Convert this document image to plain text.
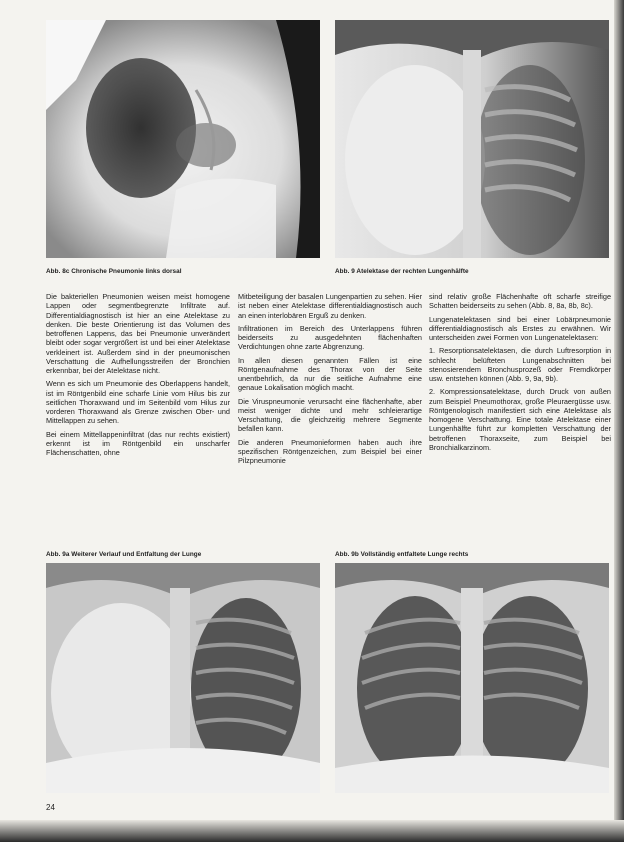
Abb. 8c Chronische Pneumonie links dorsal	Abb. 9 Atelektase der rechten Lungenhälfte

Die bakteriellen Pneumonien weisen meist homogene Lappen oder segmentbegrenzte Infiltrate auf. Differentialdiagnostisch ist hier an eine Atelektase zu denken. Die beste Orientierung ist das Volumen des betroffenen Lappens, das bei Pneumonie unverändert bleibt oder sogar vergrößert ist und bei einer Atelektase verkleinert ist. Außerdem sind in der pneumonischen Verschattung die Aufhellungsstreifen der Bronchien erkennbar, bei der Atelektase nicht.

Wenn es sich um Pneumonie des Oberlappens handelt, ist im Röntgenbild eine scharfe Linie vom Hilus bis zur seitlichen Thoraxwand und im Seitenbild vom Hilus zur vorderen Thoraxwand als Grenze zwischen Ober- und Mittellappen zu sehen.

Bei einem Mittellappeninfiltrat (das nur rechts existiert) erkennt ist im Röntgenbild ein unscharfer Flächenschatten, ohne

Mitbeteiligung der basalen Lungenpartien zu sehen. Hier ist neben einer Atelektase differentialdiagnostisch auch an einen interlobären Erguß zu denken.

Infiltrationen im Bereich des Unterlappens führen beiderseits zu ausgedehnten flächenhaften Verdichtungen ohne zarte Abgrenzung.

In allen diesen genannten Fällen ist eine Röntgenaufnahme des Thorax von der Seite unentbehrlich, da nur die seitliche Aufnahme eine genaue Lokalisation möglich macht.

Die Viruspneumonie verursacht eine flächenhafte, aber meist weniger dichte und mehr schleierartige Verschattung, die gleichzeitig mehrere Segmente befallen kann.

Die anderen Pneumonieformen haben auch ihre spezifischen Röntgenzeichen, zum Beispiel bei einer Pilzpneumonie

sind relativ große Flächenhafte oft scharfe streifige Schatten beiderseits zu sehen (Abb. 8, 8a, 8b, 8c).

Lungenatelektasen sind bei einer Lobärpneumonie differentialdiagnostisch als Erstes zu erwähnen. Wir unterscheiden zwei Formen von Lungenatelektasen:

1. Resorptionsatelektasen, die durch Luftresorption in schlecht belüfteten Lungenabschnitten bei stenosierendem Bronchusprozeß oder Fremdkörper usw. entstehen können (Abb. 9, 9a, 9b).

2. Kompressionsatelektase, durch Druck von außen zum Beispiel Pneumothorax, große Pleuraergüsse usw. Röntgenologisch manifestiert sich eine Atelektase als homogene Verschattung. Eine totale Atelektase einer Lungenhälfte führt zur kompletten Verschattung der betroffenen Thoraxseite, zum Beispiel bei Bronchialkarzinom.

Abb. 9a Weiterer Verlauf und Entfaltung der Lunge	Abb. 9b Vollständig entfaltete Lunge rechts
24
